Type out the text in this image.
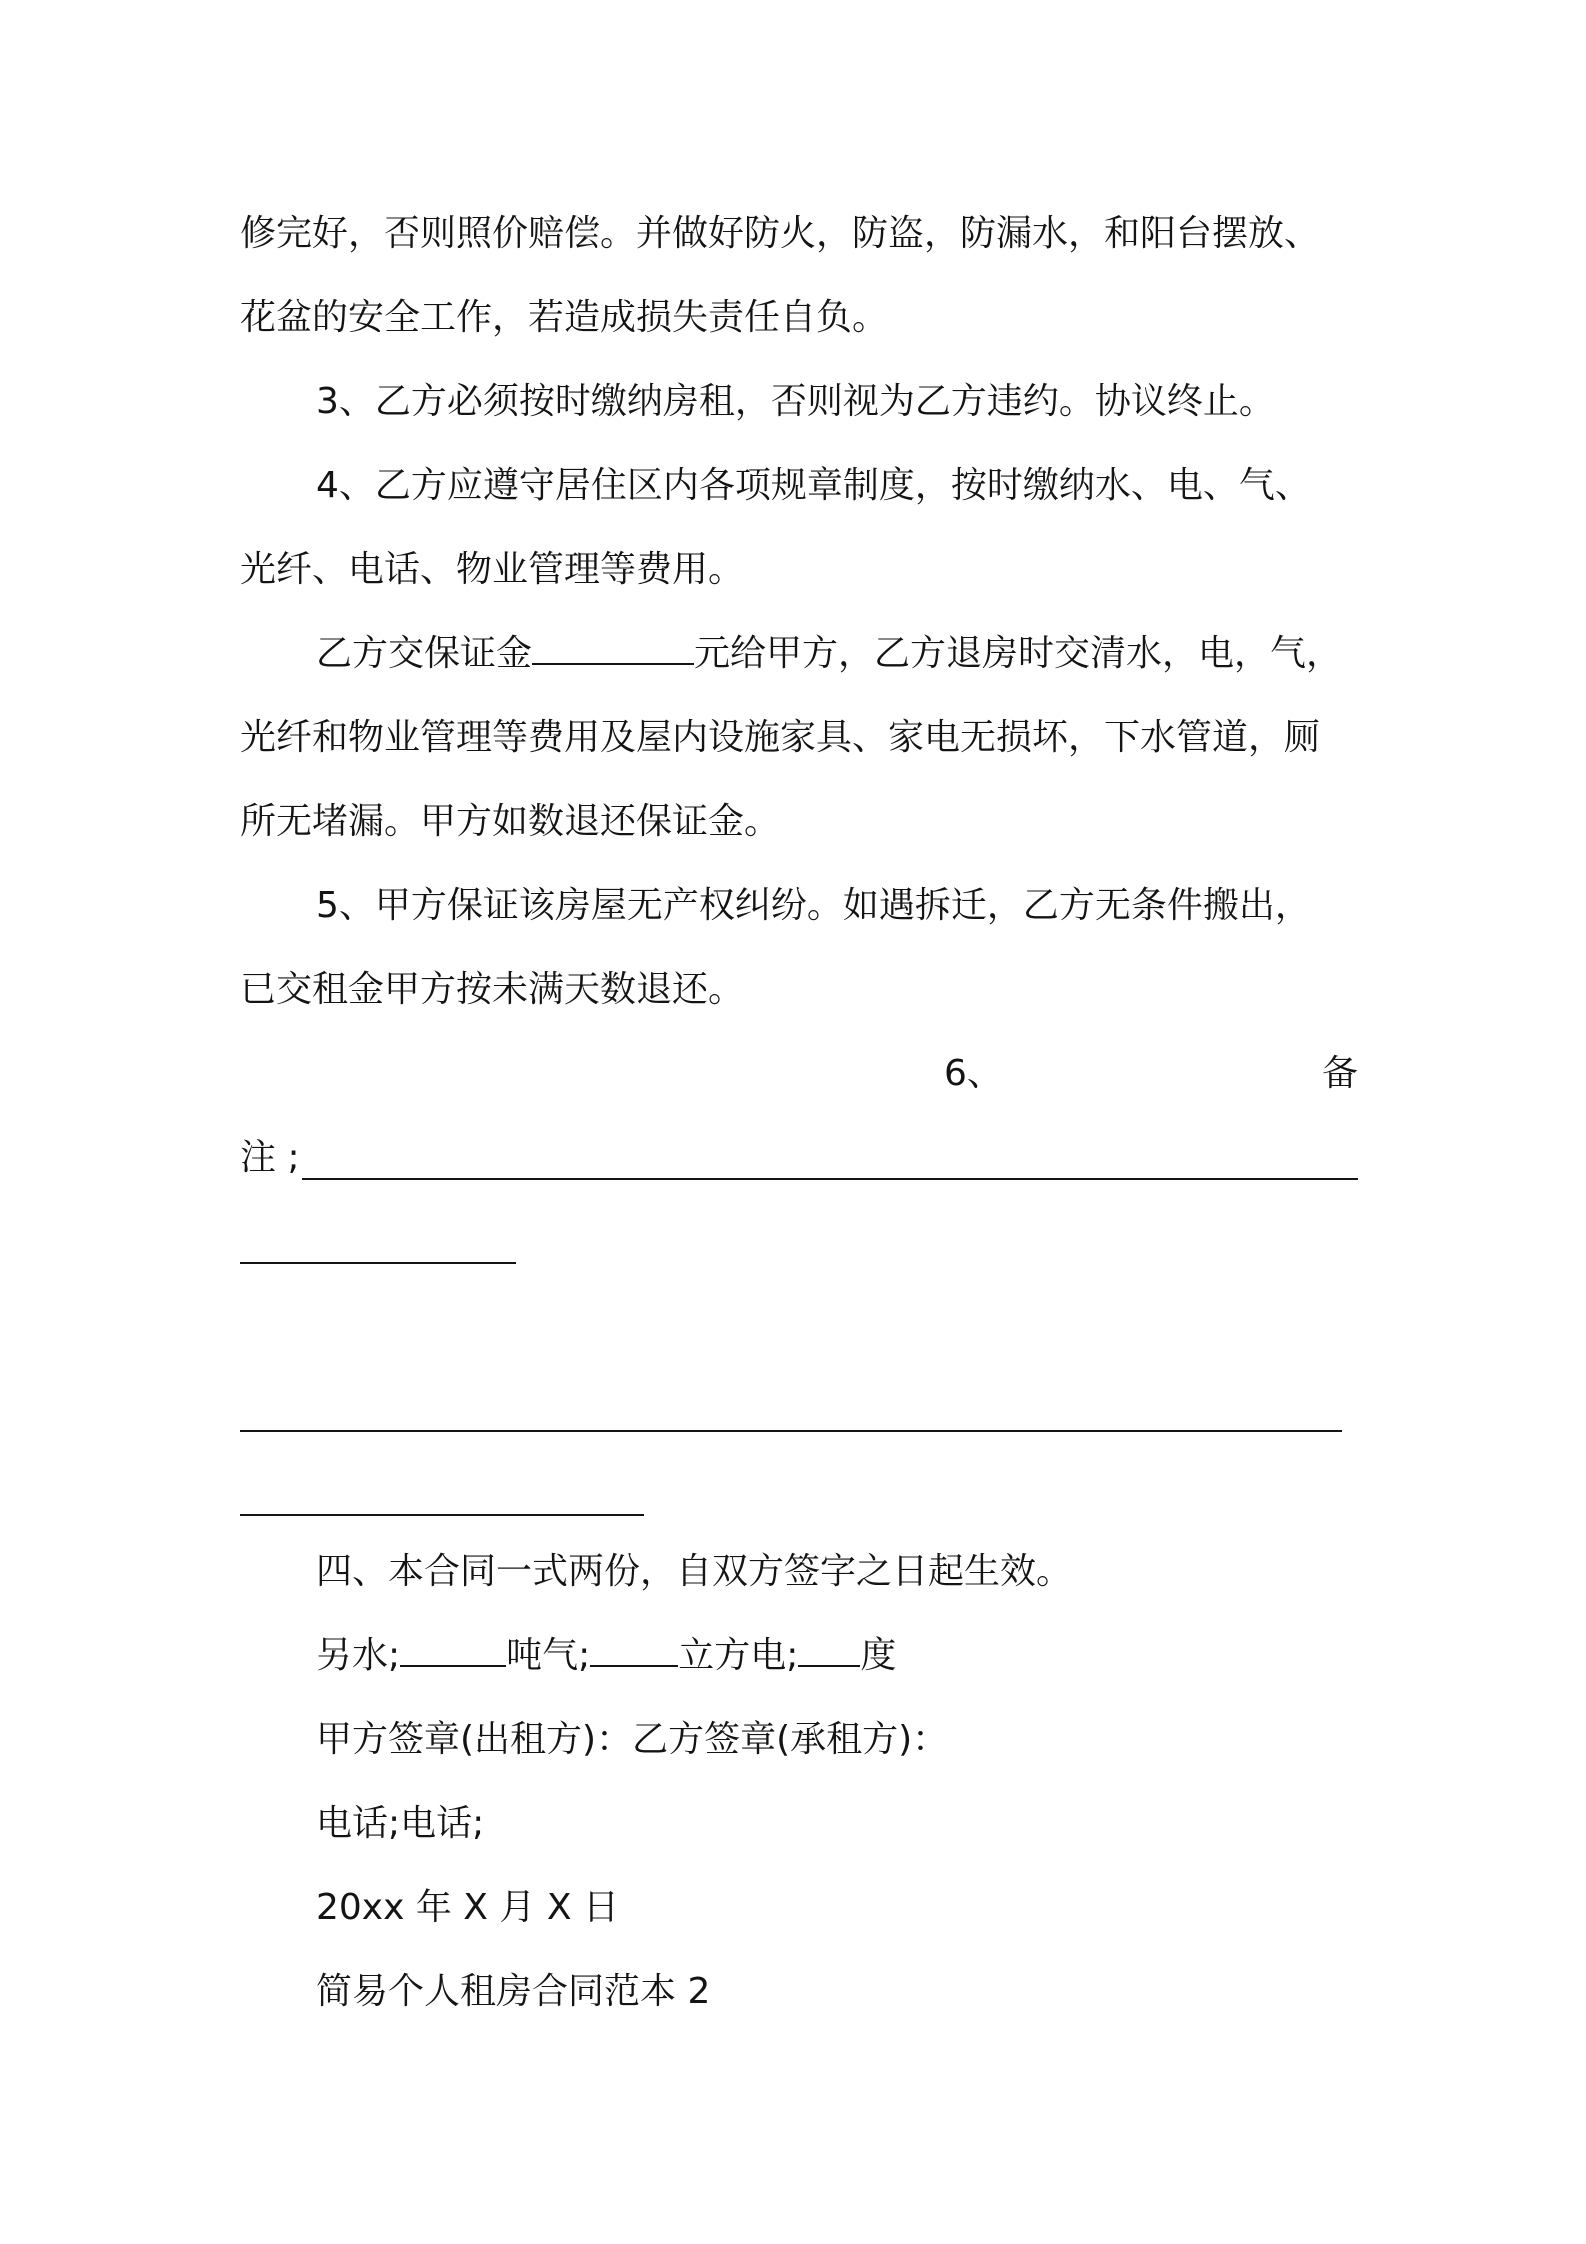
修完好，否则照价赔偿。并做好防火，防盗，防漏水，和阳台摆放、
花盆的安全工作，若造成损失责任自负。
3、乙方必须按时缴纳房租，否则视为乙方违约。协议终止。
4、乙方应遵守居住区内各项规章制度，按时缴纳水、电、气、
光纤、电话、物业管理等费用。
乙方交保证金	元给甲方，乙方退房时交清水，电，气，
光纤和物业管理等费用及屋内设施家具、家电无损坏，下水管道，厕
所无堵漏。甲方如数退还保证金。
5、甲方保证该房屋无产权纠纷。如遇拆迁，乙方无条件搬出，
已交租金甲方按未满天数退还。
6、	备
注 ;
四、本合同一式两份，自双方签字之日起生效。
另水;	吨气; 立方电; 度
甲方签章(出租方)：乙方签章(承租方)：
电话;电话;
20xx 年 X 月 X 日
简易个人租房合同范本 2
